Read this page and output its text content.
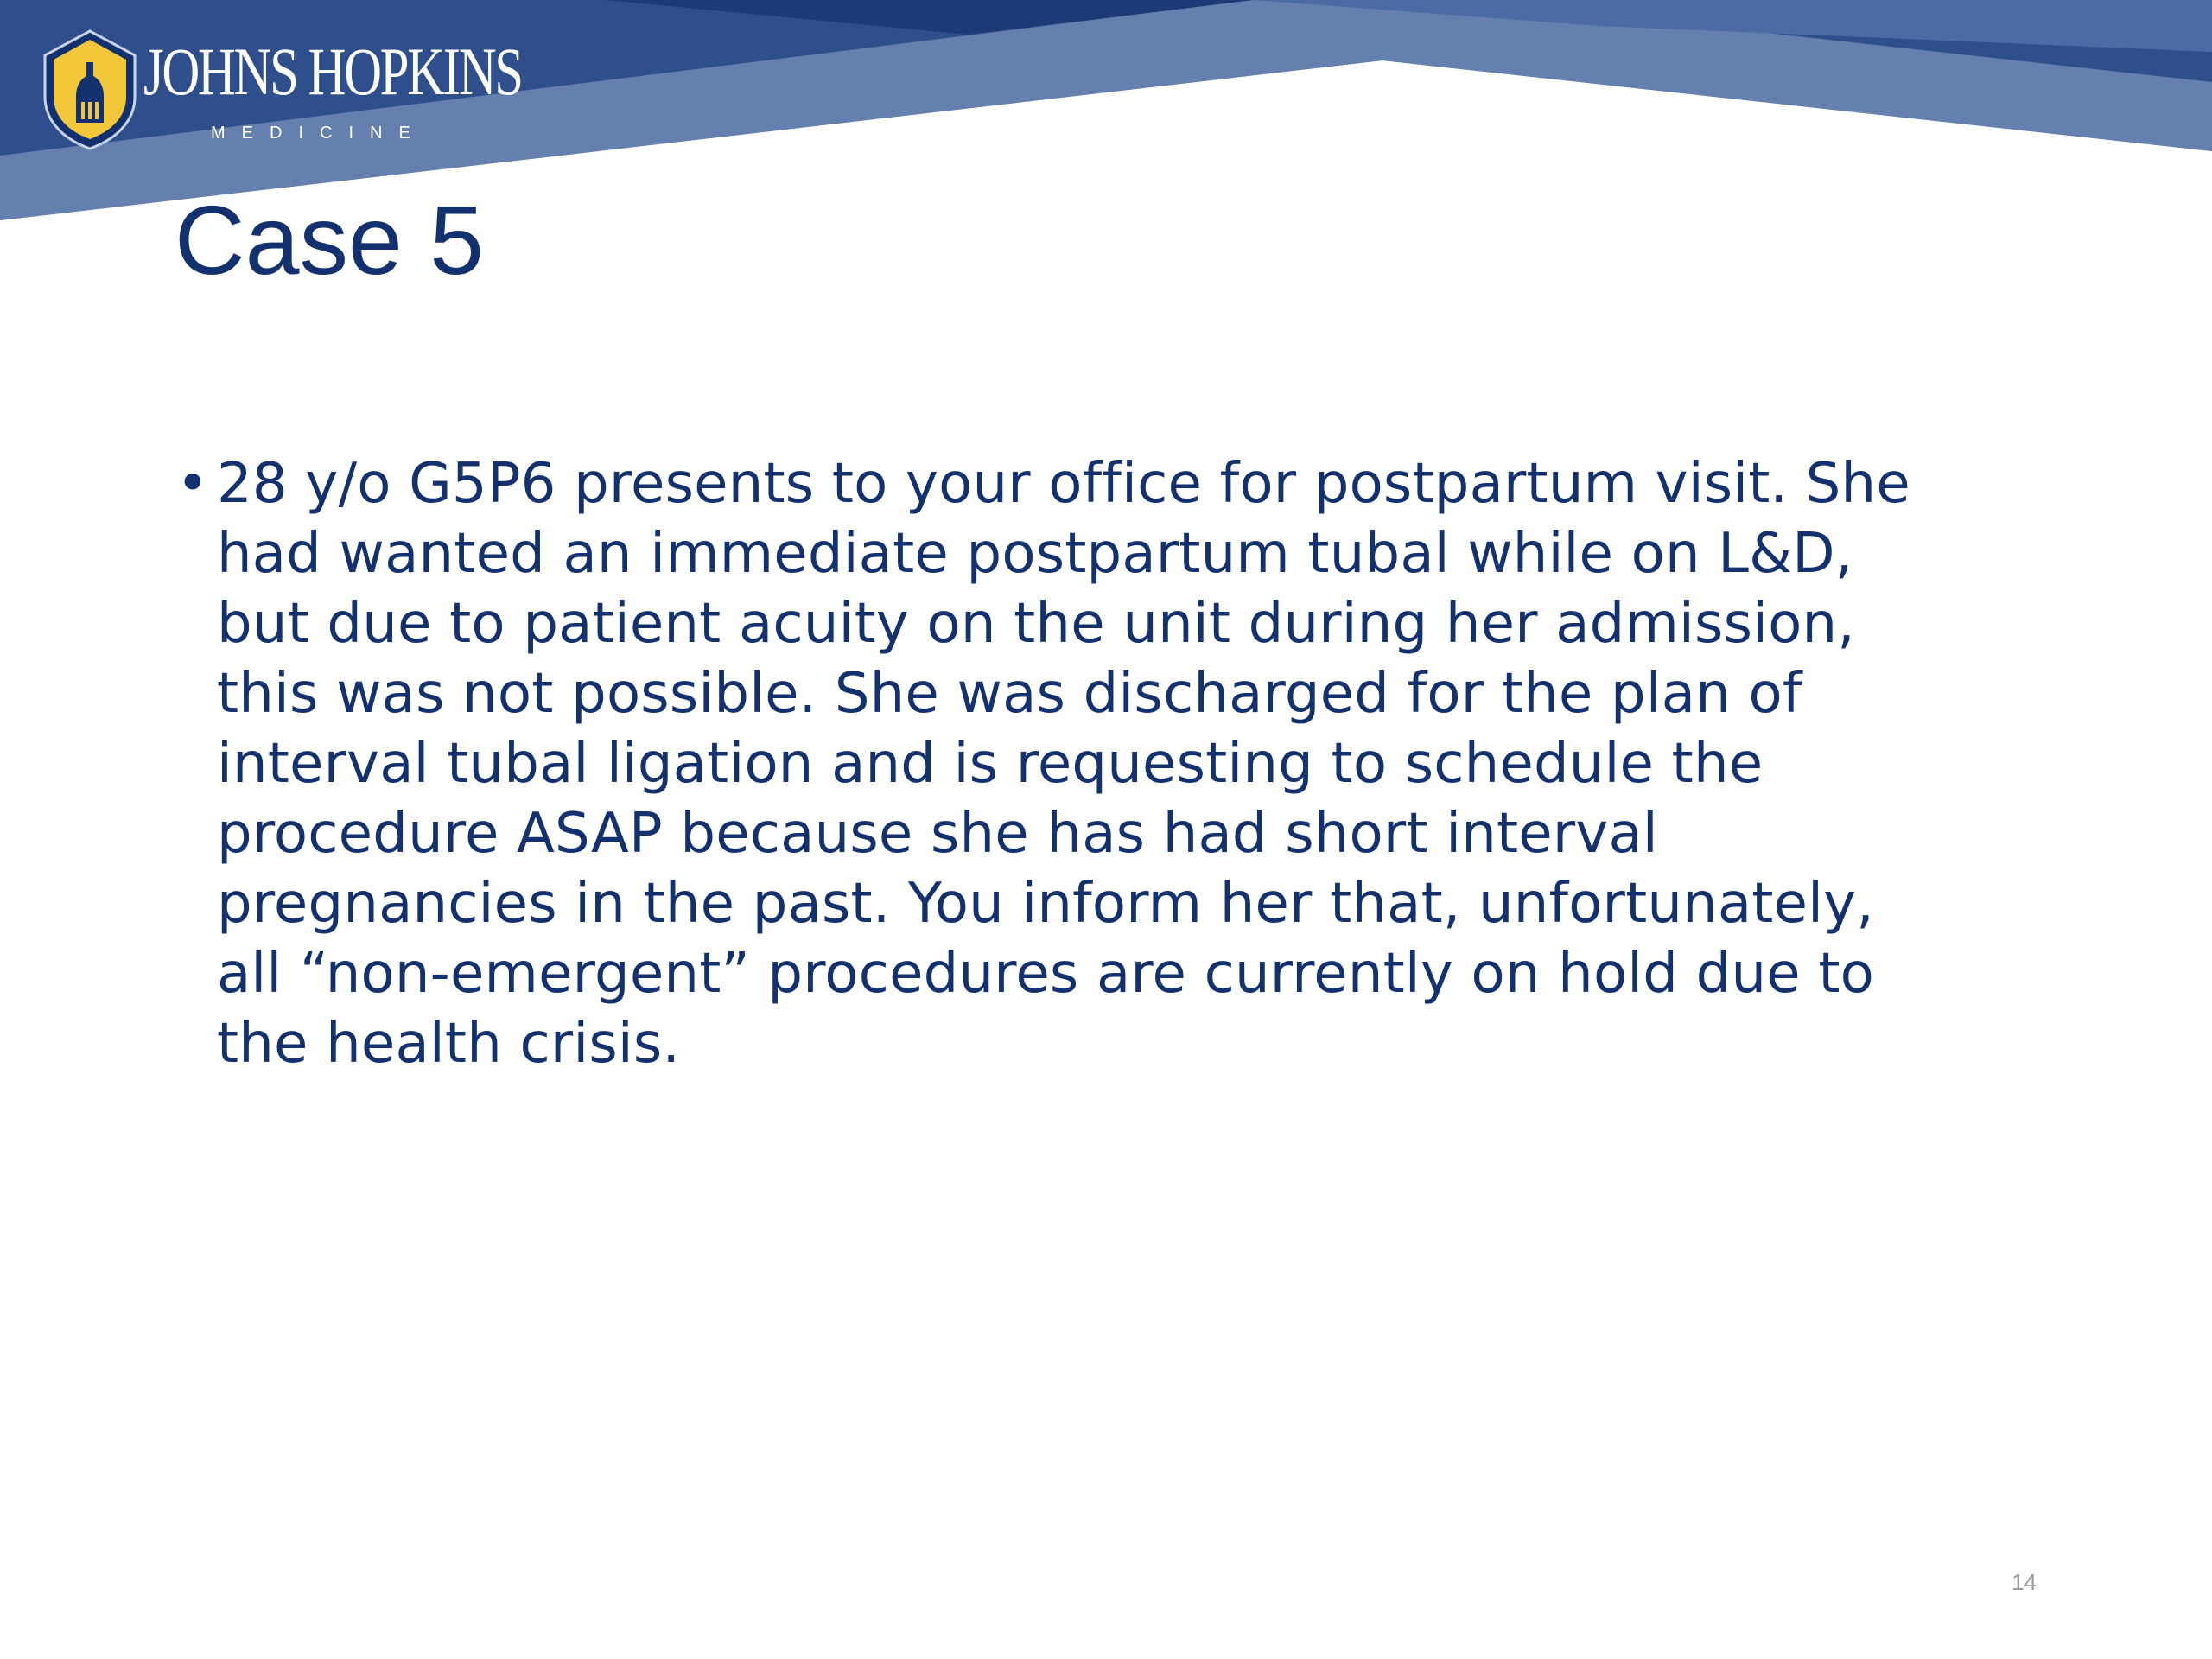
JOHNS HOPKINS
MEDICINE
Case 5
• 28 y/o G5P6 presents to your office for postpartum visit. She
had wanted an immediate postpartum tubal while on L&D,
but due to patient acuity on the unit during her admission,
this was not possible. She was discharged for the plan of
interval tubal ligation and is requesting to schedule the
procedure ASAP because she has had short interval
pregnancies in the past. You inform her that, unfortunately,
all “non-emergent” procedures are currently on hold due to
the health crisis.
14
